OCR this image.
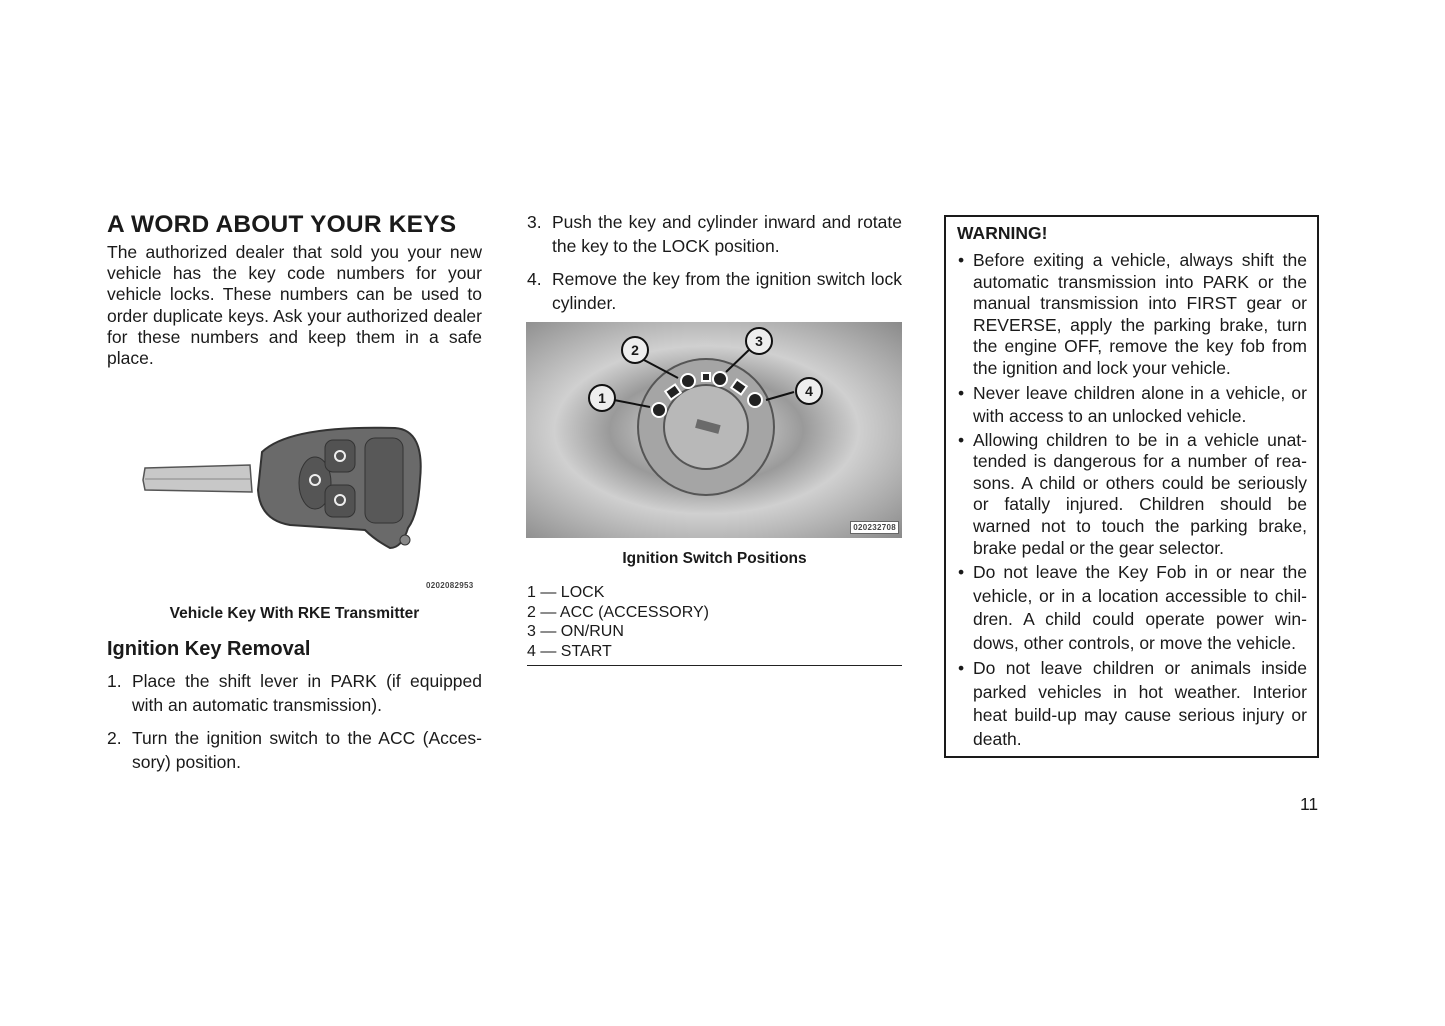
A WORD ABOUT YOUR KEYS
The authorized dealer that sold you your new vehicle has the key code numbers for your vehicle locks. These numbers can be used to order duplicate keys. Ask your authorized dealer for these numbers and keep them in a safe place.
0202082953
Vehicle Key With RKE Transmitter
Ignition Key Removal
1. Place the shift lever in PARK (if equipped with an automatic transmission).
2. Turn the ignition switch to the ACC (Acces-sory) position.
3. Push the key and cylinder inward and rotate the key to the LOCK position.
4. Remove the key from the ignition switch lock cylinder.
1
2
3
4
020232708
Ignition Switch Positions
1 — LOCK
2 — ACC (ACCESSORY)
3 — ON/RUN
4 — START
WARNING!
• Before exiting a vehicle, always shift the automatic transmission into PARK or the manual transmission into FIRST gear or REVERSE, apply the parking brake, turn the engine OFF, remove the key fob from the ignition and lock your vehicle.
• Never leave children alone in a vehicle, or with access to an unlocked vehicle.
• Allowing children to be in a vehicle unat-tended is dangerous for a number of rea-sons. A child or others could be seriously or fatally injured. Children should be warned not to touch the parking brake, brake pedal or the gear selector.
• Do not leave the Key Fob in or near the vehicle, or in a location accessible to chil-dren. A child could operate power win-dows, other controls, or move the vehicle.
• Do not leave children or animals inside parked vehicles in hot weather. Interior heat build-up may cause serious injury or death.
11
